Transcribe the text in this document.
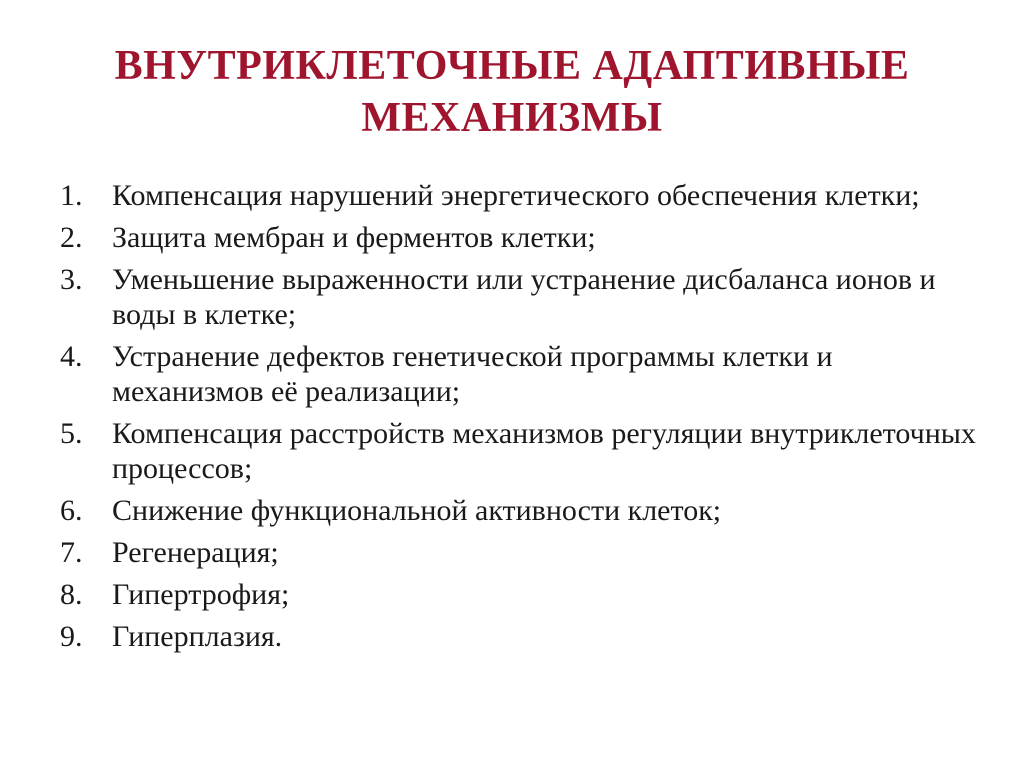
ВНУТРИКЛЕТОЧНЫЕ АДАПТИВНЫЕ
МЕХАНИЗМЫ
1. Компенсация нарушений энергетического обеспечения клетки;
2. Защита мембран и ферментов клетки;
3. Уменьшение выраженности или устранение дисбаланса ионов и воды в клетке;
4. Устранение дефектов генетической программы клетки и механизмов её реализации;
5. Компенсация расстройств механизмов регуляции внутриклеточных процессов;
6. Снижение функциональной активности клеток;
7. Регенерация;
8. Гипертрофия;
9. Гиперплазия.
